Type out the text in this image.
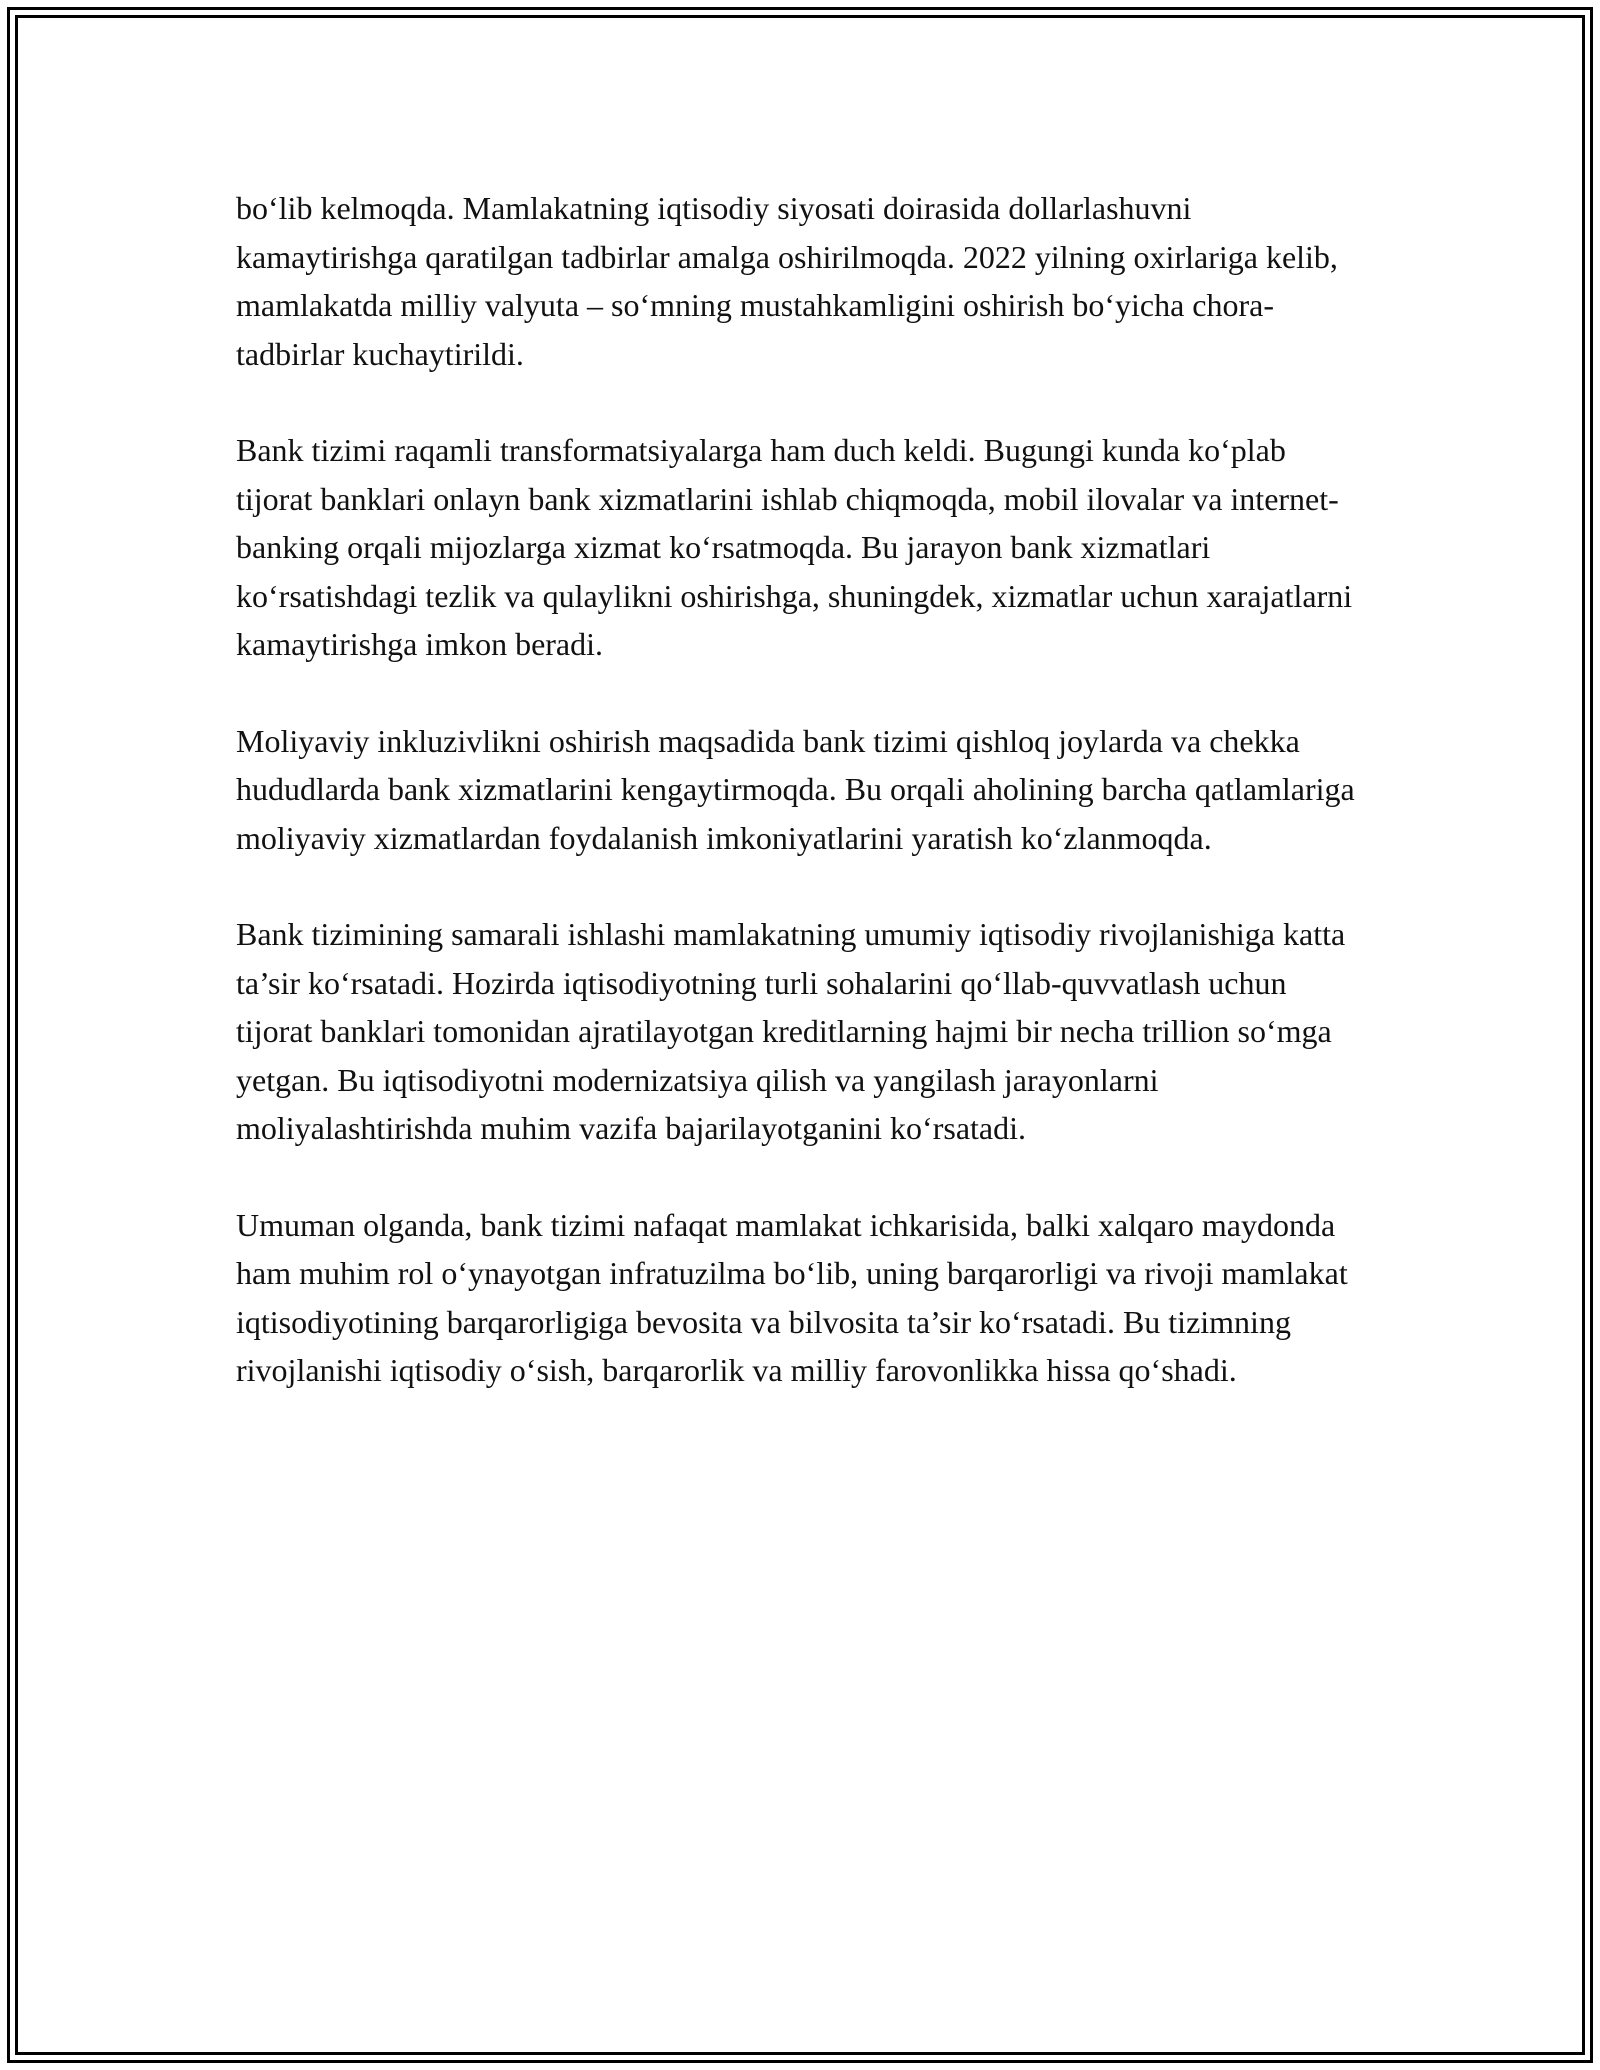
bo‘lib kelmoqda. Mamlakatning iqtisodiy siyosati doirasida dollarlashuvni kamaytirishga qaratilgan tadbirlar amalga oshirilmoqda. 2022 yilning oxirlariga kelib, mamlakatda milliy valyuta – so‘mning mustahkamligini oshirish bo‘yicha chora-tadbirlar kuchaytirildi.

Bank tizimi raqamli transformatsiyalarga ham duch keldi. Bugungi kunda ko‘plab tijorat banklari onlayn bank xizmatlarini ishlab chiqmoqda, mobil ilovalar va internet-banking orqali mijozlarga xizmat ko‘rsatmoqda. Bu jarayon bank xizmatlari ko‘rsatishdagi tezlik va qulaylikni oshirishga, shuningdek, xizmatlar uchun xarajatlarni kamaytirishga imkon beradi.

Moliyaviy inkluzivlikni oshirish maqsadida bank tizimi qishloq joylarda va chekka hududlarda bank xizmatlarini kengaytirmoqda. Bu orqali aholining barcha qatlamlariga moliyaviy xizmatlardan foydalanish imkoniyatlarini yaratish ko‘zlanmoqda.

Bank tizimining samarali ishlashi mamlakatning umumiy iqtisodiy rivojlanishiga katta ta’sir ko‘rsatadi. Hozirda iqtisodiyotning turli sohalarini qo‘llab-quvvatlash uchun tijorat banklari tomonidan ajratilayotgan kreditlarning hajmi bir necha trillion so‘mga yetgan. Bu iqtisodiyotni modernizatsiya qilish va yangilash jarayonlarni moliyalashtirishda muhim vazifa bajarilayotganini ko‘rsatadi.

Umuman olganda, bank tizimi nafaqat mamlakat ichkarisida, balki xalqaro maydonda ham muhim rol o‘ynayotgan infratuzilma bo‘lib, uning barqarorligi va rivoji mamlakat iqtisodiyotining barqarorligiga bevosita va bilvosita ta’sir ko‘rsatadi. Bu tizimning rivojlanishi iqtisodiy o‘sish, barqarorlik va milliy farovonlikka hissa qo‘shadi.
